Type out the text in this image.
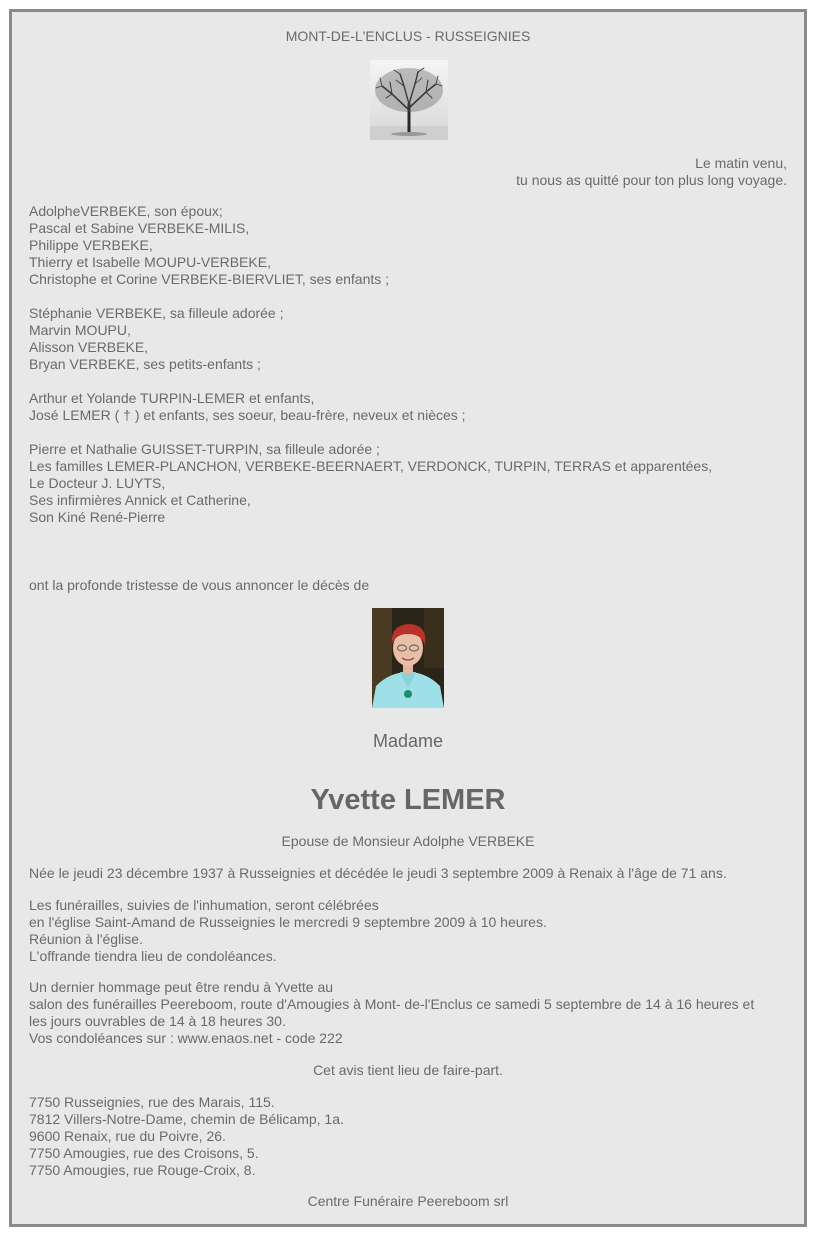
MONT-DE-L'ENCLUS - RUSSEIGNIES
Le matin venu,
tu nous as quitté pour ton plus long voyage.
AdolpheVERBEKE, son époux;
Pascal et Sabine VERBEKE-MILIS,
Philippe VERBEKE,
Thierry et Isabelle MOUPU-VERBEKE,
Christophe et Corine VERBEKE-BIERVLIET, ses enfants ;
Stéphanie VERBEKE, sa filleule adorée ;
Marvin MOUPU,
Alisson VERBEKE,
Bryan VERBEKE, ses petits-enfants ;
Arthur et Yolande TURPIN-LEMER et enfants,
José LEMER ( † ) et enfants, ses soeur, beau-frère, neveux et nièces ;
Pierre et Nathalie GUISSET-TURPIN, sa filleule adorée ;
Les familles LEMER-PLANCHON, VERBEKE-BEERNAERT, VERDONCK, TURPIN, TERRAS et apparentées,
Le Docteur J. LUYTS,
Ses infirmières Annick et Catherine,
Son Kiné René-Pierre
ont la profonde tristesse de vous annoncer le décès de
Madame
Yvette LEMER
Epouse de Monsieur Adolphe VERBEKE
Née le jeudi 23 décembre 1937 à Russeignies et décédée le jeudi 3 septembre 2009 à Renaix à l'âge de 71 ans.
Les funérailles, suivies de l'inhumation, seront célébrées
en l'église Saint-Amand de Russeignies le mercredi 9 septembre 2009 à 10 heures.
Réunion à l'église.
L'offrande tiendra lieu de condoléances.
Un dernier hommage peut être rendu à Yvette au
salon des funérailles Peereboom, route d'Amougies à Mont- de-l'Enclus ce samedi 5 septembre de 14 à 16 heures et
les jours ouvrables de 14 à 18 heures 30.
Vos condoléances sur : www.enaos.net - code 222
Cet avis tient lieu de faire-part.
7750 Russeignies, rue des Marais, 115.
7812 Villers-Notre-Dame, chemin de Bélicamp, 1a.
9600 Renaix, rue du Poivre, 26.
7750 Amougies, rue des Croisons, 5.
7750 Amougies, rue Rouge-Croix, 8.
Centre Funéraire Peereboom srl
